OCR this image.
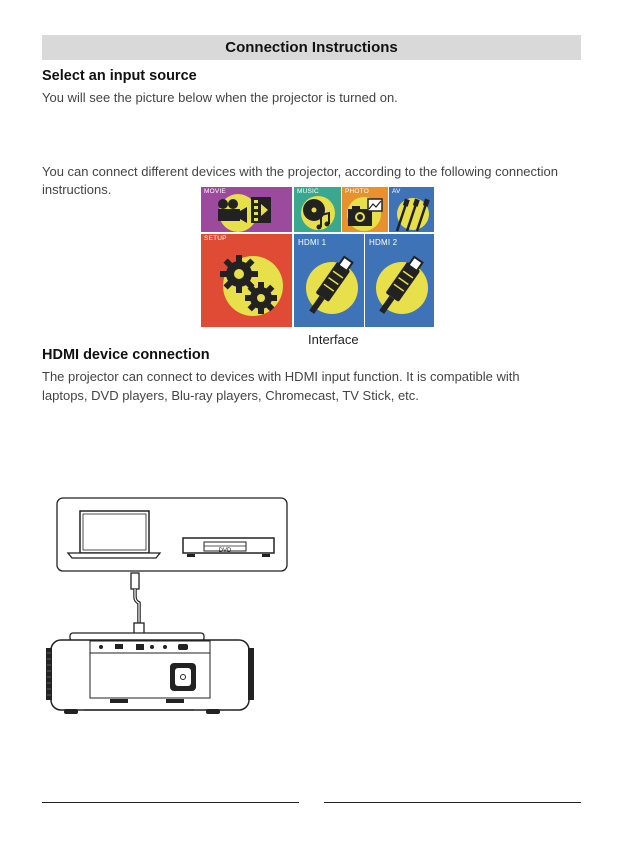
Connection Instructions

Select an input source

You will see the picture below when the projector is turned on.

You can connect different devices with the projector, according to the following connection

instructions.	MOVIE	MUSIC	PHOTO	AV
SETUP	HDMI 1	HDMI 2
Interface

HDMI device connection

The projector can connect to devices with HDMI input function. It is compatible with

laptops, DVD players, Blu-ray players, Chromecast, TV Stick, etc.

DVD
